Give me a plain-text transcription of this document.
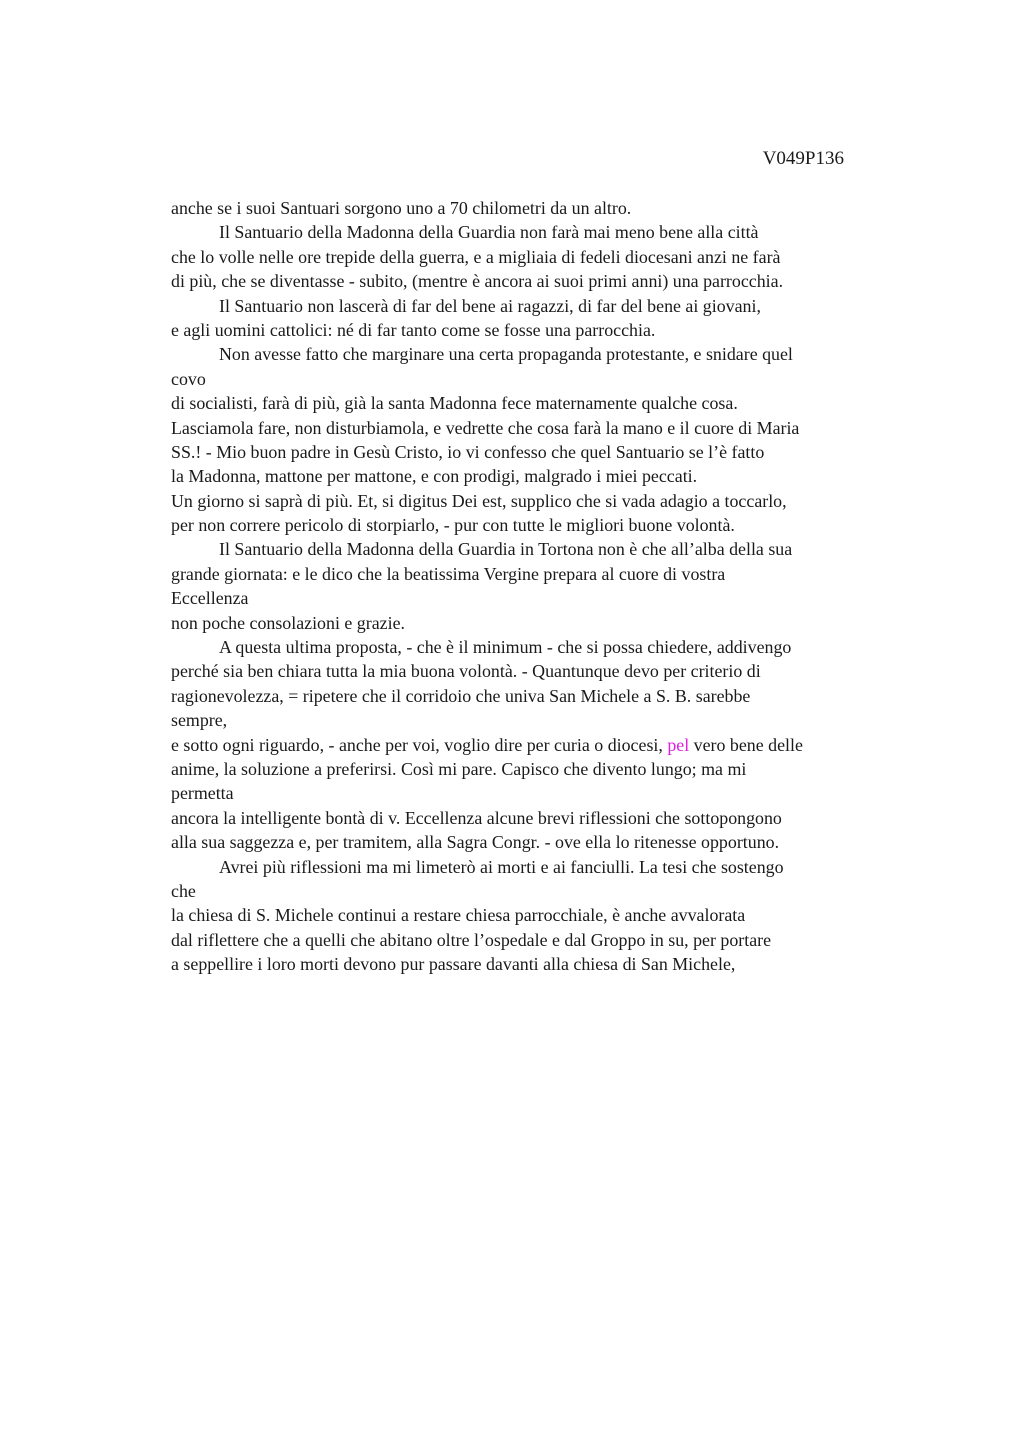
V049P136
anche se i suoi Santuari sorgono uno a 70 chilometri da un altro.
Il Santuario della Madonna della Guardia non farà mai meno bene alla città
che lo volle nelle ore trepide della guerra, e a migliaia di fedeli diocesani anzi ne farà
di più, che se diventasse - subito, (mentre è ancora ai suoi primi anni) una parrocchia.
Il Santuario non lascerà di far del bene ai ragazzi, di far del bene ai giovani,
e agli uomini cattolici: né di far tanto come se fosse una parrocchia.
Non avesse fatto che marginare una certa propaganda protestante, e snidare quel
covo
di socialisti, farà di più, già la santa Madonna fece maternamente qualche cosa.
Lasciamola fare, non disturbiamola, e vedrette che cosa farà la mano e il cuore di Maria
SS.! - Mio buon padre in Gesù Cristo, io vi confesso che quel Santuario se l’è fatto
la Madonna, mattone per mattone, e con prodigi, malgrado i miei peccati.
Un giorno si saprà di più. Et, si digitus Dei est, supplico che si vada adagio a toccarlo,
per non correre pericolo di storpiarlo, - pur con tutte le migliori buone volontà.
Il Santuario della Madonna della Guardia in Tortona non è che all’alba della sua
grande giornata: e le dico che la beatissima Vergine prepara al cuore di vostra
Eccellenza
non poche consolazioni e grazie.
A questa ultima proposta, - che è il minimum - che si possa chiedere, addivengo
perché sia ben chiara tutta la mia buona volontà. - Quantunque devo per criterio di
ragionevolezza, = ripetere che il corridoio che univa San Michele a S. B. sarebbe
sempre,
e sotto ogni riguardo, - anche per voi, voglio dire per curia o diocesi, pel vero bene delle
anime, la soluzione a preferirsi. Così mi pare. Capisco che divento lungo; ma mi
permetta
ancora la intelligente bontà di v. Eccellenza alcune brevi riflessioni che sottopongono
alla sua saggezza e, per tramitem, alla Sagra Congr. - ove ella lo ritenesse opportuno.
Avrei più riflessioni ma mi limeterò ai morti e ai fanciulli. La tesi che sostengo
che
la chiesa di S. Michele continui a restare chiesa parrocchiale, è anche avvalorata
dal riflettere che a quelli che abitano oltre l’ospedale e dal Groppo in su, per portare
a seppellire i loro morti devono pur passare davanti alla chiesa di San Michele,
